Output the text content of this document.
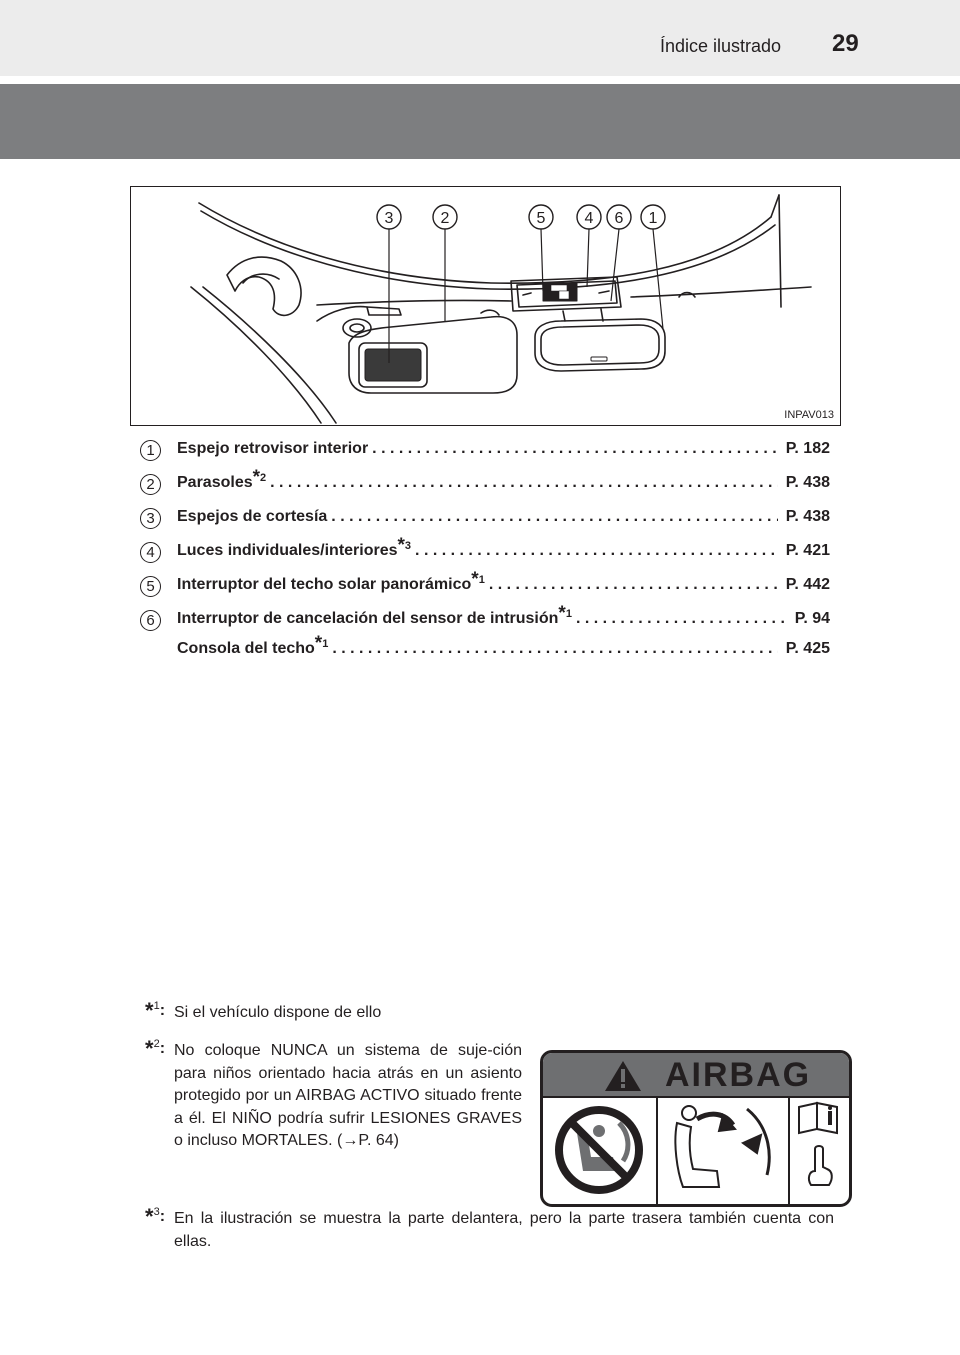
Índice ilustrado 29
3	2	5 4 6 1
INPAV013
1	Espejo retrovisor interior . . .	P. 182
2	Parasoles$^{*2}$ . . .	P. 438
3	Espejos de cortesía . . .	P. 438
4	Luces individuales/interiores$^{*3}$ . . .	P. 421
5	Interruptor del techo solar panorámico$^{*1}$ . . .	P. 442
6	Interruptor de cancelación del sensor de intrusión$^{*1}$ . . .	P. 94
Consola del techo$^{*1}$ . . .	P. 425
*$^1$: Si el vehículo dispone de ello
*$^2$: No coloque NUNCA un sistema de suje-ción para niños orientado hacia atrás en un asiento protegido por un AIRBAG ACTIVO situado frente a él. El NIÑO podría sufrir LESIONES GRAVES o incluso MORTALES. (→P. 64)
*$^3$: En la ilustración se muestra la parte delantera, pero la parte trasera también cuenta con ellas.
AIRBAG
